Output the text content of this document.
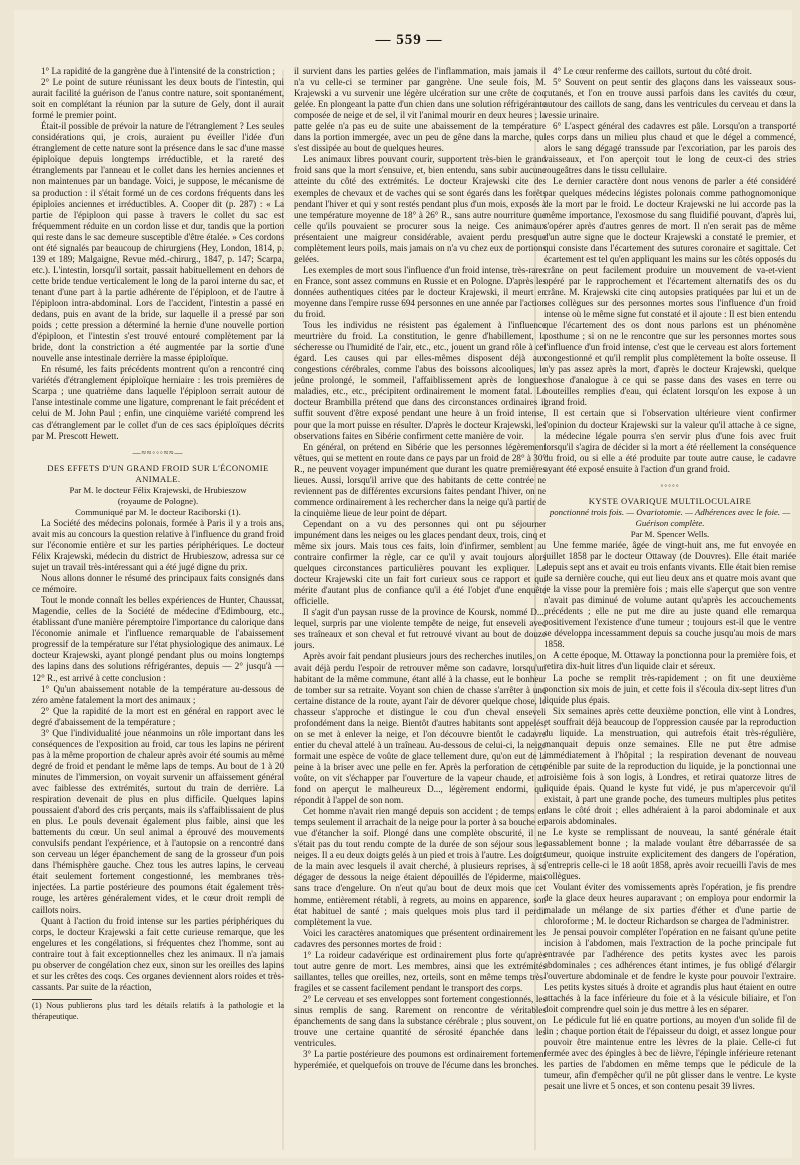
— 559 —

1° La rapidité de la gangrène due à l'intensité de la constriction ;

2° Le point de suture réunissant les deux bouts de l'intestin, qui aurait facilité la guérison de l'anus contre nature, soit spontanément, soit en complétant la réunion par la suture de Gely, dont il aurait formé le premier point.

Était-il possible de prévoir la nature de l'étranglement ? Les seules considérations qui, je crois, auraient pu éveiller l'idée d'un étranglement de cette nature sont la présence dans le sac d'une masse épiploïque depuis longtemps irréductible, et la rareté des étranglements par l'anneau et le collet dans les hernies anciennes et non maintenues par un bandage. Voici, je suppose, le mécanisme de sa production : il s'était formé un de ces cordons fréquents dans les épiploïes anciennes et irréductibles. A. Cooper dit (p. 287) : « La partie de l'épiploon qui passe à travers le collet du sac est fréquemment réduite en un cordon lisse et dur, tandis que la portion qui reste dans le sac demeure susceptible d'être étalée. » Ces cordons ont été signalés par beaucoup de chirurgiens (Hey, London, 1814, p. 139 et 189; Malgaigne, Revue méd.-chirurg., 1847, p. 147; Scarpa, etc.). L'intestin, lorsqu'il sortait, passait habituellement en dehors de cette bride tendue verticalement le long de la paroi interne du sac, et tenant d'une part à la partie adhérente de l'épiploon, et de l'autre à l'épiploon intra-abdominal. Lors de l'accident, l'intestin a passé en dedans, puis en avant de la bride, sur laquelle il a pressé par son poids ; cette pression a déterminé la hernie d'une nouvelle portion d'épiploon, et l'intestin s'est trouvé entouré complètement par la bride, dont la constriction a été augmentée par la sortie d'une nouvelle anse intestinale derrière la masse épiploïque.

En résumé, les faits précédents montrent qu'on a rencontré cinq variétés d'étranglement épiploïque herniaire : les trois premières de Scarpa ; une quatrième dans laquelle l'épiploon serrait autour de l'anse intestinale comme une ligature, comprenant le fait précédent et celui de M. John Paul ; enfin, une cinquième variété comprend les cas d'étranglement par le collet d'un de ces sacs épiploïques décrits par M. Prescott Hewett.

—≈≈◦◦◦≈≈—

DES EFFETS D'UN GRAND FROID SUR L'ÉCONOMIE ANIMALE.

Par M. le docteur Félix Krajewski, de Hrubieszow

(royaume de Pologne).

Communiqué par M. le docteur Raciborski (1).

La Société des médecins polonais, formée à Paris il y a trois ans, avait mis au concours la question relative à l'influence du grand froid sur l'économie entière et sur les parties périphériques. Le docteur Félix Krajewski, médecin du district de Hrubieszow, adressa sur ce sujet un travail très-intéressant qui a été jugé digne du prix.

Nous allons donner le résumé des principaux faits consignés dans ce mémoire.

Tout le monde connaît les belles expériences de Hunter, Chaussat, Magendie, celles de la Société de médecine d'Edimbourg, etc., établissant d'une manière péremptoire l'importance du calorique dans l'économie animale et l'influence remarquable de l'abaissement progressif de la température sur l'état physiologique des animaux. Le docteur Krajewski, ayant plongé pendant plus ou moins longtemps des lapins dans des solutions réfrigérantes, depuis — 2° jusqu'à — 12° R., est arrivé à cette conclusion :

1° Qu'un abaissement notable de la température au-dessous de zéro amène fatalement la mort des animaux ;

2° Que la rapidité de la mort est en général en rapport avec le degré d'abaissement de la température ;

3° Que l'individualité joue néanmoins un rôle important dans les conséquences de l'exposition au froid, car tous les lapins ne périrent pas à la même proportion de chaleur après avoir été soumis au même degré de froid et pendant le même laps de temps. Au bout de 1 à 20 minutes de l'immersion, on voyait survenir un affaissement général avec faiblesse des extrémités, surtout du train de derrière. La respiration devenait de plus en plus difficile. Quelques lapins poussaient d'abord des cris perçants, mais ils s'affaiblissaient de plus en plus. Le pouls devenait également plus faible, ainsi que les battements du cœur. Un seul animal a éprouvé des mouvements convulsifs pendant l'expérience, et à l'autopsie on a rencontré dans son cerveau un léger épanchement de sang de la grosseur d'un pois dans l'hémisphère gauche. Chez tous les autres lapins, le cerveau était seulement fortement congestionné, les membranes très-injectées. La partie postérieure des poumons était également très-rouge, les artères généralement vides, et le cœur droit rempli de caillots noirs.

Quant à l'action du froid intense sur les parties périphériques du corps, le docteur Krajewski a fait cette curieuse remarque, que les engelures et les congélations, si fréquentes chez l'homme, sont au contraire tout à fait exceptionnelles chez les animaux. Il n'a jamais pu observer de congélation chez eux, sinon sur les oreilles des lapins et sur les crêtes des coqs. Ces organes deviennent alors roides et très-cassants. Par suite de la réaction,

(1) Nous publierons plus tard les détails relatifs à la pathologie et la thérapeutique.

il survient dans les parties gelées de l'inflammation, mais jamais il n'a vu celle-ci se terminer par gangrène. Une seule fois, M. Krajewski a vu survenir une légère ulcération sur une crête de coq gelée. En plongeant la patte d'un chien dans une solution réfrigérante composée de neige et de sel, il vit l'animal mourir en deux heures ; la patte gelée n'a pas eu de suite une abaissement de la température dans la portion immergée, avec un peu de gêne dans la marche, qui s'est dissipée au bout de quelques heures.

Les animaux libres pouvant courir, supportent très-bien le grand froid sans que la mort s'ensuive, et, bien entendu, sans subir aucune atteinte du côté des extrémités. Le docteur Krajewski cite des exemples de chevaux et de vaches qui se sont égarés dans les forêts pendant l'hiver et qui y sont restés pendant plus d'un mois, exposés à une température moyenne de 18° à 26° R., sans autre nourriture que celle qu'ils pouvaient se procurer sous la neige. Ces animaux présentaient une maigreur considérable, avaient perdu presque complètement leurs poils, mais jamais on n'a vu chez eux de portions gelées.

Les exemples de mort sous l'influence d'un froid intense, très-rares en France, sont assez communs en Russie et en Pologne. D'après les données authentiques citées par le docteur Krajewski, il meurt en moyenne dans l'empire russe 694 personnes en une année par l'action du froid.

Tous les individus ne résistent pas également à l'influence meurtrière du froid. La constitution, le genre d'habillement, la sécheresse ou l'humidité de l'air, etc., etc., jouent un grand rôle à cet égard. Les causes qui par elles-mêmes disposent déjà aux congestions cérébrales, comme l'abus des boissons alcooliques, le jeûne prolongé, le sommeil, l'affaiblissement après de longues maladies, etc., etc., précipitent ordinairement le moment fatal. Le docteur Brambilla prétend que dans des circonstances ordinaires il suffit souvent d'être exposé pendant une heure à un froid intense, pour que la mort puisse en résulter. D'après le docteur Krajewski, les observations faites en Sibérie confirment cette manière de voir.

En général, on prétend en Sibérie que les personnes légèrement vêtues, qui se mettent en route dans ce pays par un froid de 28° à 30° R., ne peuvent voyager impunément que durant les quatre premières lieues. Aussi, lorsqu'il arrive que des habitants de cette contrée ne reviennent pas de différentes excursions faites pendant l'hiver, on ne commence ordinairement à les rechercher dans la neige qu'à partir de la cinquième lieue de leur point de départ.

Cependant on a vu des personnes qui ont pu séjourner impunément dans les neiges ou les glaces pendant deux, trois, cinq et même six jours. Mais tous ces faits, loin d'infirmer, semblent au contraire confirmer la règle, car ce qu'il y avait toujours alors quelques circonstances particulières pouvant les expliquer. Le docteur Krajewski cite un fait fort curieux sous ce rapport et qui mérite d'autant plus de confiance qu'il a été l'objet d'une enquête officielle.

Il s'agit d'un paysan russe de la province de Koursk, nommé D..., lequel, surpris par une violente tempête de neige, fut enseveli avec ses traîneaux et son cheval et fut retrouvé vivant au bout de douze jours.

Après avoir fait pendant plusieurs jours des recherches inutiles, on avait déjà perdu l'espoir de retrouver même son cadavre, lorsqu'un habitant de la même commune, étant allé à la chasse, eut le bonheur de tomber sur sa retraite. Voyant son chien de chasse s'arrêter à une certaine distance de la route, ayant l'air de dévorer quelque chose, le chasseur s'approche et distingue le cou d'un cheval enseveli profondément dans la neige. Bientôt d'autres habitants sont appelés, on se met à enlever la neige, et l'on découvre bientôt le cadavre entier du cheval attelé à un traîneau. Au-dessous de celui-ci, la neige formait une espèce de voûte de glace tellement dure, qu'on eut de la peine à la briser avec une pelle en fer. Après la perforation de cette voûte, on vit s'échapper par l'ouverture de la vapeur chaude, et au fond on aperçut le malheureux D..., légèrement endormi, qui répondit à l'appel de son nom.

Cet homme n'avait rien mangé depuis son accident ; de temps en temps seulement il arrachait de la neige pour la porter à sa bouche en vue d'étancher la soif. Plongé dans une complète obscurité, il ne s'était pas du tout rendu compte de la durée de son séjour sous les neiges. Il a eu deux doigts gelés à un pied et trois à l'autre. Les doigts de la main avec lesquels il avait cherché, à plusieurs reprises, à se dégager de dessous la neige étaient dépouillés de l'épiderme, mais sans trace d'engelure. On n'eut qu'au bout de deux mois que cet homme, entièrement rétabli, à regrets, au moins en apparence, son état habituel de santé ; mais quelques mois plus tard il perdit complètement la vue.

Voici les caractères anatomiques que présentent ordinairement les cadavres des personnes mortes de froid :

1° La roideur cadavérique est ordinairement plus forte qu'après tout autre genre de mort. Les membres, ainsi que les extrémités saillantes, telles que oreilles, nez, orteils, sont en même temps très-fragiles et se cassent facilement pendant le transport des corps.

2° Le cerveau et ses enveloppes sont fortement congestionnés, les sinus remplis de sang. Rarement on rencontre de véritables épanchements de sang dans la substance cérébrale ; plus souvent, on trouve une certaine quantité de sérosité épanchée dans les ventricules.

3° La partie postérieure des poumons est ordinairement fortement hyperémiée, et quelquefois on trouve de l'écume dans les bronches.

4° Le cœur renferme des caillots, surtout du côté droit.

5° Souvent on peut sentir des glaçons dans les vaisseaux sous-cutanés, et l'on en trouve aussi parfois dans les cavités du cœur, autour des caillots de sang, dans les ventricules du cerveau et dans la vessie urinaire.

6° L'aspect général des cadavres est pâle. Lorsqu'on a transporté les corps dans un milieu plus chaud et que le dégel a commencé, alors le sang dégagé transsude par l'excoriation, par les parois des vaisseaux, et l'on aperçoit tout le long de ceux-ci des stries rougeâtres dans le tissu cellulaire.

Le dernier caractère dont nous venons de parler a été considéré par quelques médecins légistes polonais comme pathognomonique de la mort par le froid. Le docteur Krajewski ne lui accorde pas la même importance, l'exosmose du sang fluidifié pouvant, d'après lui, s'opérer après d'autres genres de mort. Il n'en serait pas de même d'un autre signe que le docteur Krajewski a constaté le premier, et qui consiste dans l'écartement des sutures coronaire et sagittale. Cet écartement est tel qu'en appliquant les mains sur les côtés opposés du crâne on peut facilement produire un mouvement de va-et-vient opéré par le rapprochement et l'écartement alternatifs des os du crâne. M. Krajewski cite cinq autopsies pratiquées par lui et un de ses collègues sur des personnes mortes sous l'influence d'un froid intense où le même signe fut constaté et il ajoute : Il est bien entendu que l'écartement des os dont nous parlons est un phénomène posthume ; si on ne le rencontre que sur les personnes mortes sous l'influence d'un froid intense, c'est que le cerveau est alors fortement congestionné et qu'il remplit plus complètement la boîte osseuse. Il n'y pas assez après la mort, d'après le docteur Krajewski, quelque chose d'analogue à ce qui se passe dans des vases en terre ou bouteilles remplies d'eau, qui éclatent lorsqu'on les expose à un grand froid.

Il est certain que si l'observation ultérieure vient confirmer l'opinion du docteur Krajewski sur la valeur qu'il attache à ce signe, la médecine légale pourra s'en servir plus d'une fois avec fruit lorsqu'il s'agira de décider si la mort a été réellement la conséquence du froid, ou si elle a été produite par toute autre cause, le cadavre ayant été exposé ensuite à l'action d'un grand froid.

◦◦◦◦◦

KYSTE OVARIQUE MULTILOCULAIRE

ponctionné trois fois. — Ovariotomie. — Adhérences avec le foie. — Guérison complète.

Par M. Spencer Wells.

Une femme mariée, âgée de vingt-huit ans, me fut envoyée en juillet 1858 par le docteur Ottaway (de Douvres). Elle était mariée depuis sept ans et avait eu trois enfants vivants. Elle était bien remise de sa dernière couche, qui eut lieu deux ans et quatre mois avant que je la visse pour la première fois ; mais elle s'aperçut que son ventre n'avait pas diminué de volume autant qu'après les accouchements précédents ; elle ne put me dire au juste quand elle remarqua positivement l'existence d'une tumeur ; toujours est-il que le ventre se développa incessamment depuis sa couche jusqu'au mois de mars 1858.

A cette époque, M. Ottaway la ponctionna pour la première fois, et retira dix-huit litres d'un liquide clair et séreux.

La poche se remplit très-rapidement ; on fit une deuxième ponction six mois de juin, et cette fois il s'écoula dix-sept litres d'un liquide plus épais.

Six semaines après cette deuxième ponction, elle vint à Londres, et souffrait déjà beaucoup de l'oppression causée par la reproduction du liquide. La menstruation, qui autrefois était très-régulière, manquait depuis onze semaines. Elle ne put être admise immédiatement à l'hôpital ; la respiration devenant de nouveau pénible par suite de la reproduction du liquide, je la ponctionnai une troisième fois à son logis, à Londres, et retirai quatorze litres de liquide épais. Quand le kyste fut vidé, je pus m'apercevoir qu'il existait, à part une grande poche, des tumeurs multiples plus petites dans le côté droit ; elles adhéraient à la paroi abdominale et aux parois abdominales.

Le kyste se remplissant de nouveau, la santé générale était passablement bonne ; la malade voulant être débarrassée de sa tumeur, quoique instruite explicitement des dangers de l'opération, j'entrepris celle-ci le 18 août 1858, après avoir recueilli l'avis de mes collègues.

Voulant éviter des vomissements après l'opération, je fis prendre de la glace deux heures auparavant ; on employa pour endormir la malade un mélange de six parties d'éther et d'une partie de chloroforme ; M. le docteur Richardson se chargea de l'administrer.

Je pensai pouvoir compléter l'opération en ne faisant qu'une petite incision à l'abdomen, mais l'extraction de la poche principale fut entravée par l'adhérence des petits kystes avec les parois abdominales ; ces adhérences étant intimes, je fus obligé d'élargir l'ouverture abdominale et de fendre le kyste pour pouvoir l'extraire. Les petits kystes situés à droite et agrandis plus haut étaient en outre attachés à la face inférieure du foie et à la vésicule biliaire, et l'on doit comprendre quel soin je dus mettre à les en séparer.

Le pédicule fut lié en quatre portions, au moyen d'un solide fil de lin ; chaque portion était de l'épaisseur du doigt, et assez longue pour pouvoir être maintenue entre les lèvres de la plaie. Celle-ci fut fermée avec des épingles à bec de lièvre, l'épingle inférieure retenant les parties de l'abdomen en même temps que le pédicule de la tumeur, afin d'empêcher qu'il ne pût glisser dans le ventre. Le kyste pesait une livre et 5 onces, et son contenu pesait 39 livres.
